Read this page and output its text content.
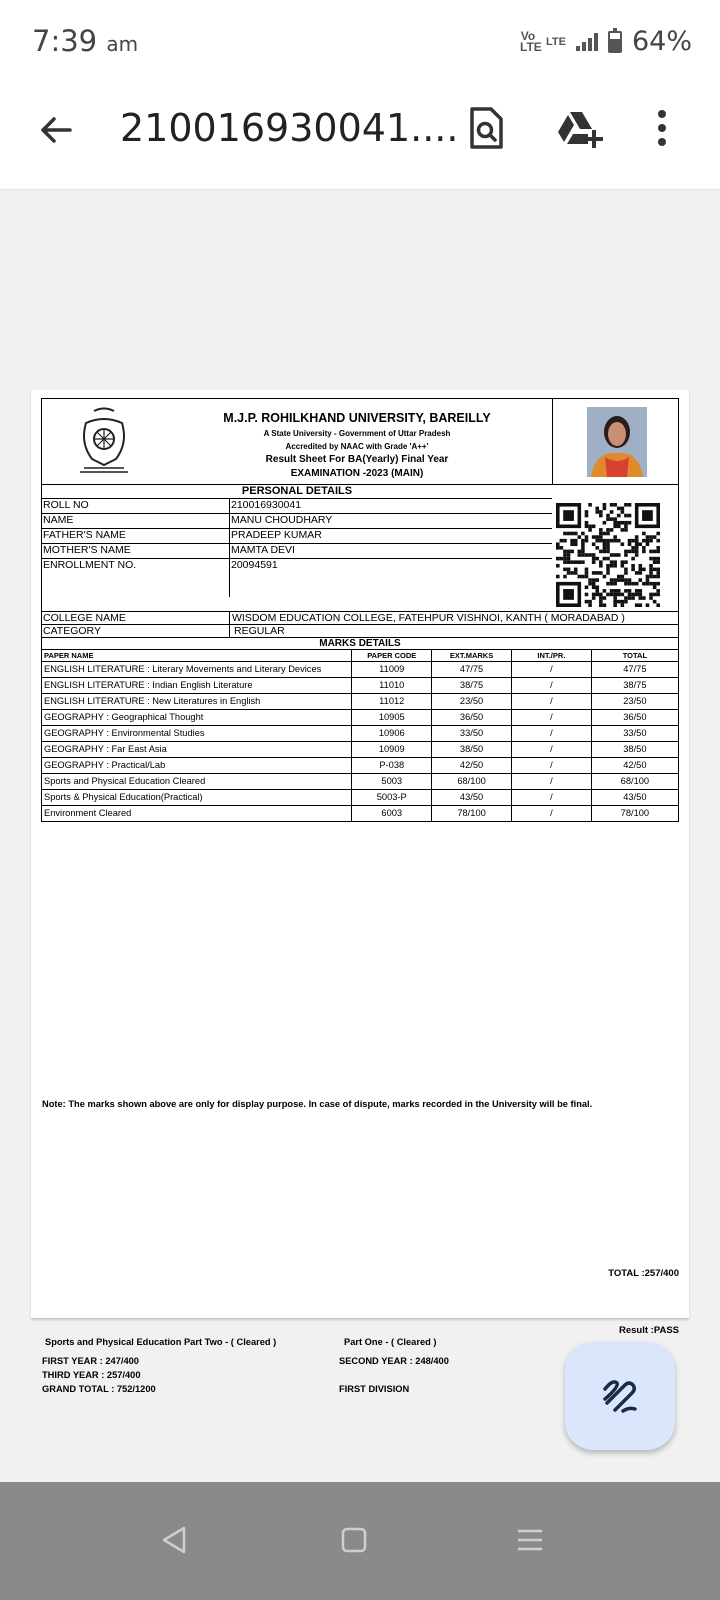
7:39 am	Vo
LTE LTE 64%
210016930041....
M.J.P. ROHILKHAND UNIVERSITY, BAREILLY
A State University - Government of Uttar Pradesh
Accredited by NAAC with Grade 'A++'
Result Sheet For BA(Yearly) Final Year
EXAMINATION -2023 (MAIN)
PERSONAL DETAILS
ROLL NO	210016930041
NAME	MANU CHOUDHARY
FATHER'S NAME	PRADEEP KUMAR
MOTHER'S NAME	MAMTA DEVI
ENROLLMENT NO.	20094591
COLLEGE NAME	WISDOM EDUCATION COLLEGE, FATEHPUR VISHNOI, KANTH ( MORADABAD )
CATEGORY	REGULAR
MARKS DETAILS
PAPER NAME	PAPER CODE	EXT.MARKS	INT./PR.	TOTAL
ENGLISH LITERATURE : Literary Movements and Literary Devices	11009	47/75	/	47/75
ENGLISH LITERATURE : Indian English Literature	11010	38/75	/	38/75
ENGLISH LITERATURE : New Literatures in English	11012	23/50	/	23/50
GEOGRAPHY : Geographical Thought	10905	36/50	/	36/50
GEOGRAPHY : Environmental Studies	10906	33/50	/	33/50
GEOGRAPHY : Far East Asia	10909	38/50	/	38/50
GEOGRAPHY : Practical/Lab	P-038	42/50	/	42/50
Sports and Physical Education Cleared	5003	68/100	/	68/100
Sports & Physical Education(Practical)	5003-P	43/50	/	43/50
Environment Cleared	6003	78/100	/	78/100
TOTAL :257/400
Result :PASS
Sports and Physical Education Part Two - ( Cleared )	Part One - ( Cleared )
FIRST YEAR : 247/400	SECOND YEAR : 248/400
THIRD YEAR : 257/400
GRAND TOTAL : 752/1200	FIRST DIVISION
Note: The marks shown above are only for display purpose. In case of dispute, marks recorded in the University will be final.
